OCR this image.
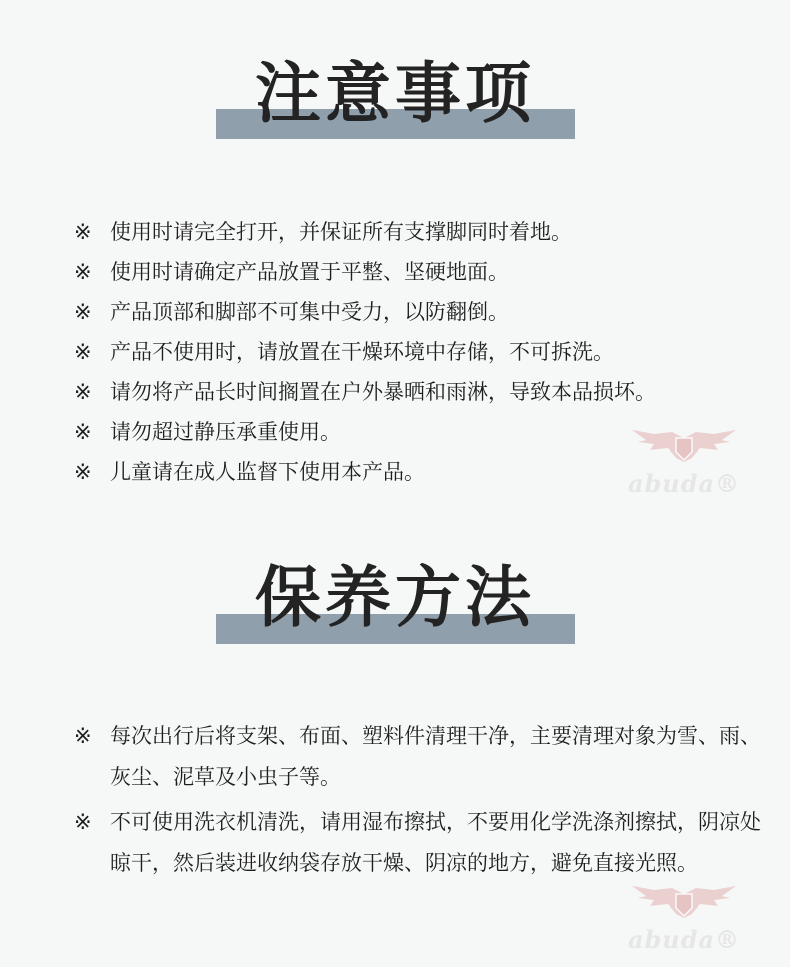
注意事项
※ 使用时请完全打开，并保证所有支撑脚同时着地。
※ 使用时请确定产品放置于平整、坚硬地面。
※ 产品顶部和脚部不可集中受力，以防翻倒。
※ 产品不使用时，请放置在干燥环境中存储，不可拆洗。
※ 请勿将产品长时间搁置在户外暴晒和雨淋，导致本品损坏。
※ 请勿超过静压承重使用。
※ 儿童请在成人监督下使用本产品。	abuda®
保养方法
※ 每次出行后将支架、布面、塑料件清理干净，主要清理对象为雪、雨、灰尘、泥草及小虫子等。
※ 不可使用洗衣机清洗，请用湿布擦拭，不要用化学洗涤剂擦拭，阴凉处晾干，然后装进收纳袋存放干燥、阴凉的地方，避免直接光照。
abuda®
